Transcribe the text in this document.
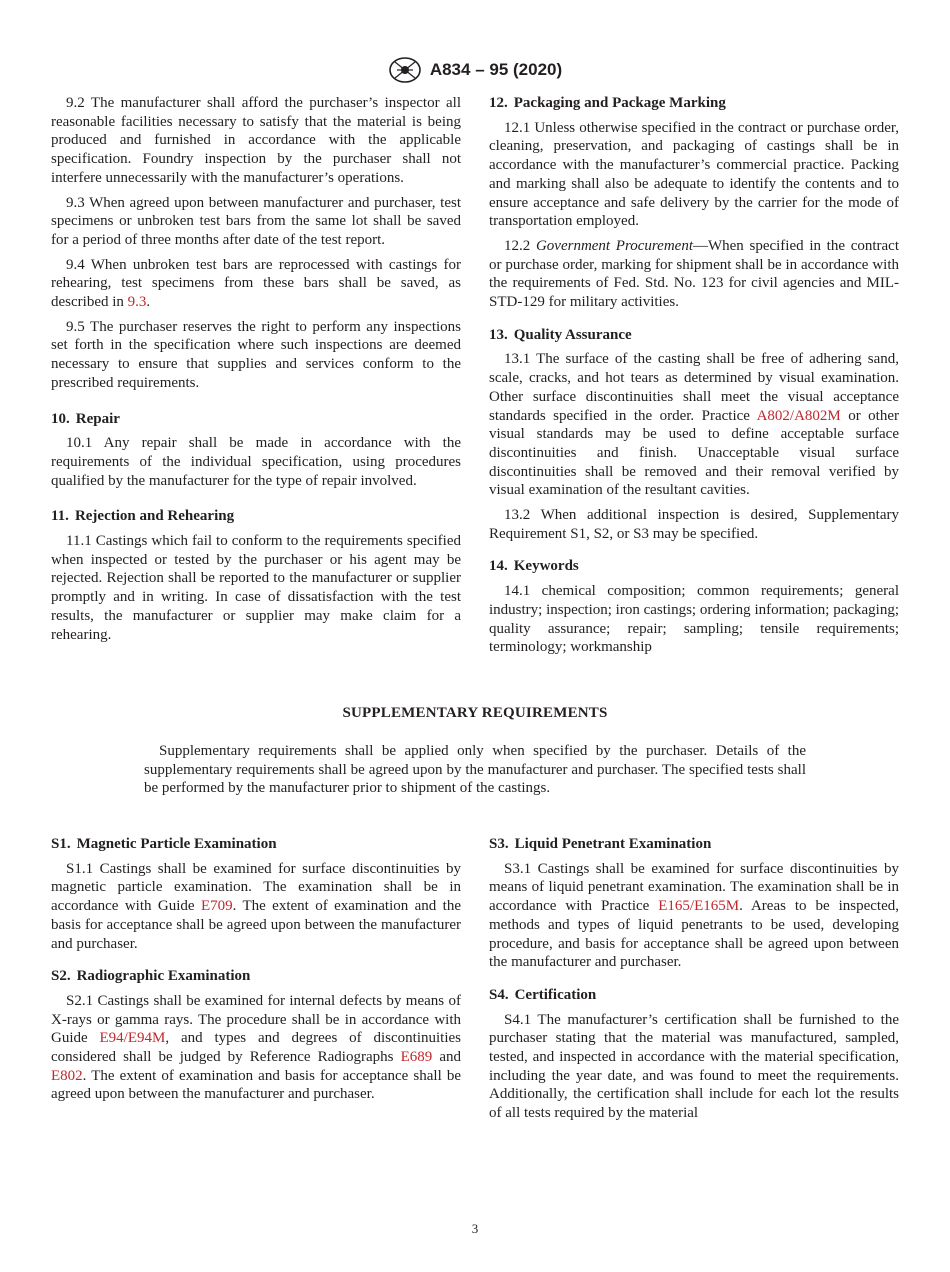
A834 – 95 (2020)

9.2 The manufacturer shall afford the purchaser’s inspector all reasonable facilities necessary to satisfy that the material is being produced and furnished in accordance with the applicable specification. Foundry inspection by the purchaser shall not interfere unnecessarily with the manufacturer’s operations.

9.3 When agreed upon between manufacturer and purchaser, test specimens or unbroken test bars from the same lot shall be saved for a period of three months after date of the test report.

9.4 When unbroken test bars are reprocessed with castings for rehearing, test specimens from these bars shall be saved, as described in 9.3.

9.5 The purchaser reserves the right to perform any inspections set forth in the specification where such inspections are deemed necessary to ensure that supplies and services conform to the prescribed requirements.

10. Repair

10.1 Any repair shall be made in accordance with the requirements of the individual specification, using procedures qualified by the manufacturer for the type of repair involved.

11. Rejection and Rehearing

11.1 Castings which fail to conform to the requirements specified when inspected or tested by the purchaser or his agent may be rejected. Rejection shall be reported to the manufacturer or supplier promptly and in writing. In case of dissatisfaction with the test results, the manufacturer or supplier may make claim for a rehearing.

12. Packaging and Package Marking

12.1 Unless otherwise specified in the contract or purchase order, cleaning, preservation, and packaging of castings shall be in accordance with the manufacturer’s commercial practice. Packing and marking shall also be adequate to identify the contents and to ensure acceptance and safe delivery by the carrier for the mode of transportation employed.

12.2 Government Procurement—When specified in the contract or purchase order, marking for shipment shall be in accordance with the requirements of Fed. Std. No. 123 for civil agencies and MIL-STD-129 for military activities.

13. Quality Assurance

13.1 The surface of the casting shall be free of adhering sand, scale, cracks, and hot tears as determined by visual examination. Other surface discontinuities shall meet the visual acceptance standards specified in the order. Practice A802/A802M or other visual standards may be used to define acceptable surface discontinuities and finish. Unacceptable visual surface discontinuities shall be removed and their removal verified by visual examination of the resultant cavities.

13.2 When additional inspection is desired, Supplementary Requirement S1, S2, or S3 may be specified.

14. Keywords

14.1 chemical composition; common requirements; general industry; inspection; iron castings; ordering information; packaging; quality assurance; repair; sampling; tensile requirements; terminology; workmanship

SUPPLEMENTARY REQUIREMENTS

Supplementary requirements shall be applied only when specified by the purchaser. Details of the supplementary requirements shall be agreed upon by the manufacturer and purchaser. The specified tests shall be performed by the manufacturer prior to shipment of the castings.

S1. Magnetic Particle Examination

S1.1 Castings shall be examined for surface discontinuities by magnetic particle examination. The examination shall be in accordance with Guide E709. The extent of examination and the basis for acceptance shall be agreed upon between the manufacturer and purchaser.

S2. Radiographic Examination

S2.1 Castings shall be examined for internal defects by means of X-rays or gamma rays. The procedure shall be in accordance with Guide E94/E94M, and types and degrees of discontinuities considered shall be judged by Reference Radiographs E689 and E802. The extent of examination and basis for acceptance shall be agreed upon between the manufacturer and purchaser.

S3. Liquid Penetrant Examination

S3.1 Castings shall be examined for surface discontinuities by means of liquid penetrant examination. The examination shall be in accordance with Practice E165/E165M. Areas to be inspected, methods and types of liquid penetrants to be used, developing procedure, and basis for acceptance shall be agreed upon between the manufacturer and purchaser.

S4. Certification

S4.1 The manufacturer’s certification shall be furnished to the purchaser stating that the material was manufactured, sampled, tested, and inspected in accordance with the material specification, including the year date, and was found to meet the requirements. Additionally, the certification shall include for each lot the results of all tests required by the material

3
